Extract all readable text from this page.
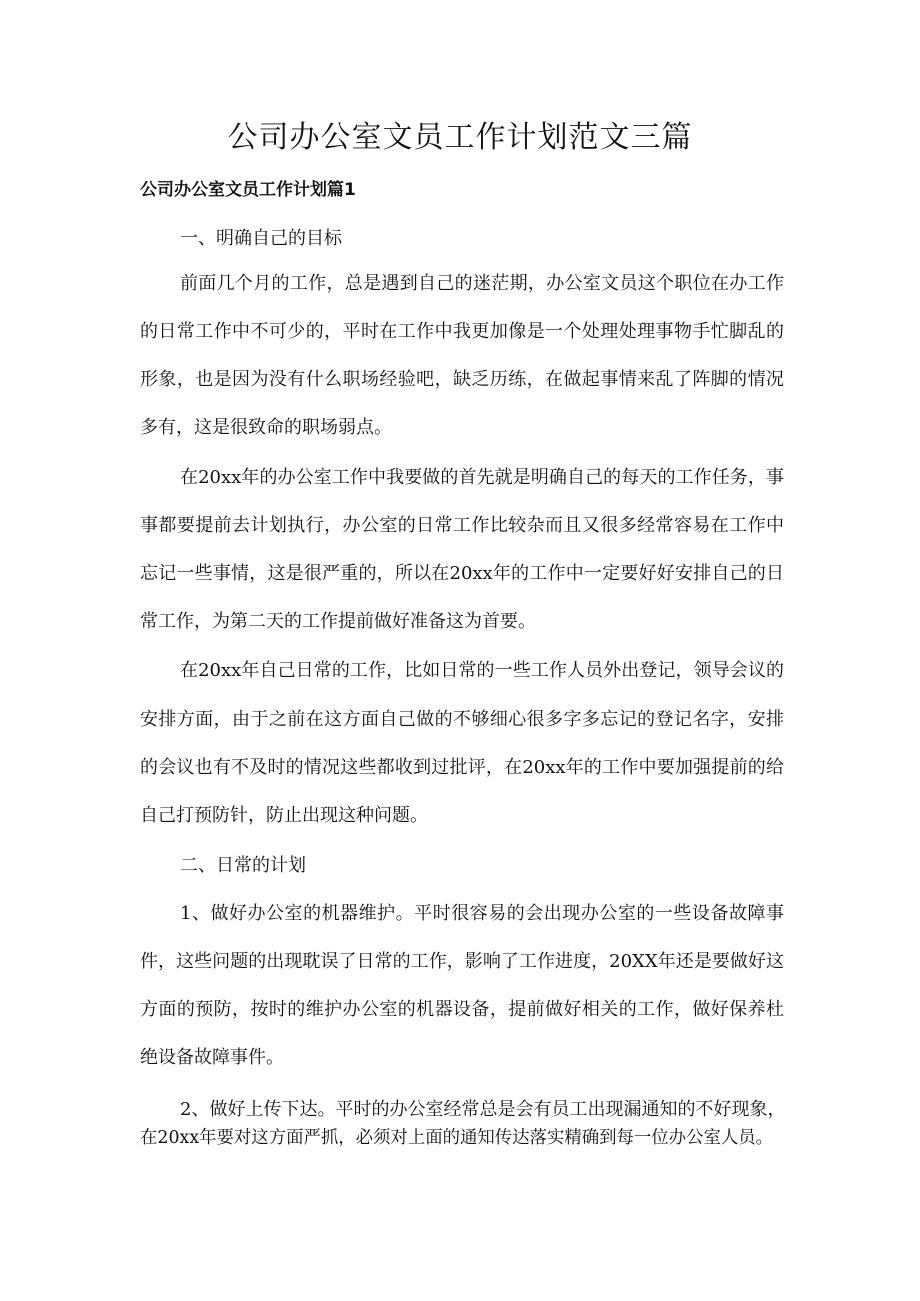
公司办公室文员工作计划范文三篇
公司办公室文员工作计划篇1

一、明确自己的目标

前面几个月的工作，总是遇到自己的迷茫期，办公室文员这个职位在办工作

的日常工作中不可少的，平时在工作中我更加像是一个处理处理事物手忙脚乱的

形象，也是因为没有什么职场经验吧，缺乏历练，在做起事情来乱了阵脚的情况

多有，这是很致命的职场弱点。

在20xx年的办公室工作中我要做的首先就是明确自己的每天的工作任务，事

事都要提前去计划执行，办公室的日常工作比较杂而且又很多经常容易在工作中

忘记一些事情，这是很严重的，所以在20xx年的工作中一定要好好安排自己的日

常工作，为第二天的工作提前做好准备这为首要。

在20xx年自己日常的工作，比如日常的一些工作人员外出登记，领导会议的

安排方面，由于之前在这方面自己做的不够细心很多字多忘记的登记名字，安排

的会议也有不及时的情况这些都收到过批评，在20xx年的工作中要加强提前的给

自己打预防针，防止出现这种问题。

二、日常的计划

1、做好办公室的机器维护。平时很容易的会出现办公室的一些设备故障事

件，这些问题的出现耽误了日常的工作，影响了工作进度，20XX年还是要做好这

方面的预防，按时的维护办公室的机器设备，提前做好相关的工作，做好保养杜

绝设备故障事件。

2、做好上传下达。平时的办公室经常总是会有员工出现漏通知的不好现象，

在20xx年要对这方面严抓，必须对上面的通知传达落实精确到每一位办公室人员。
